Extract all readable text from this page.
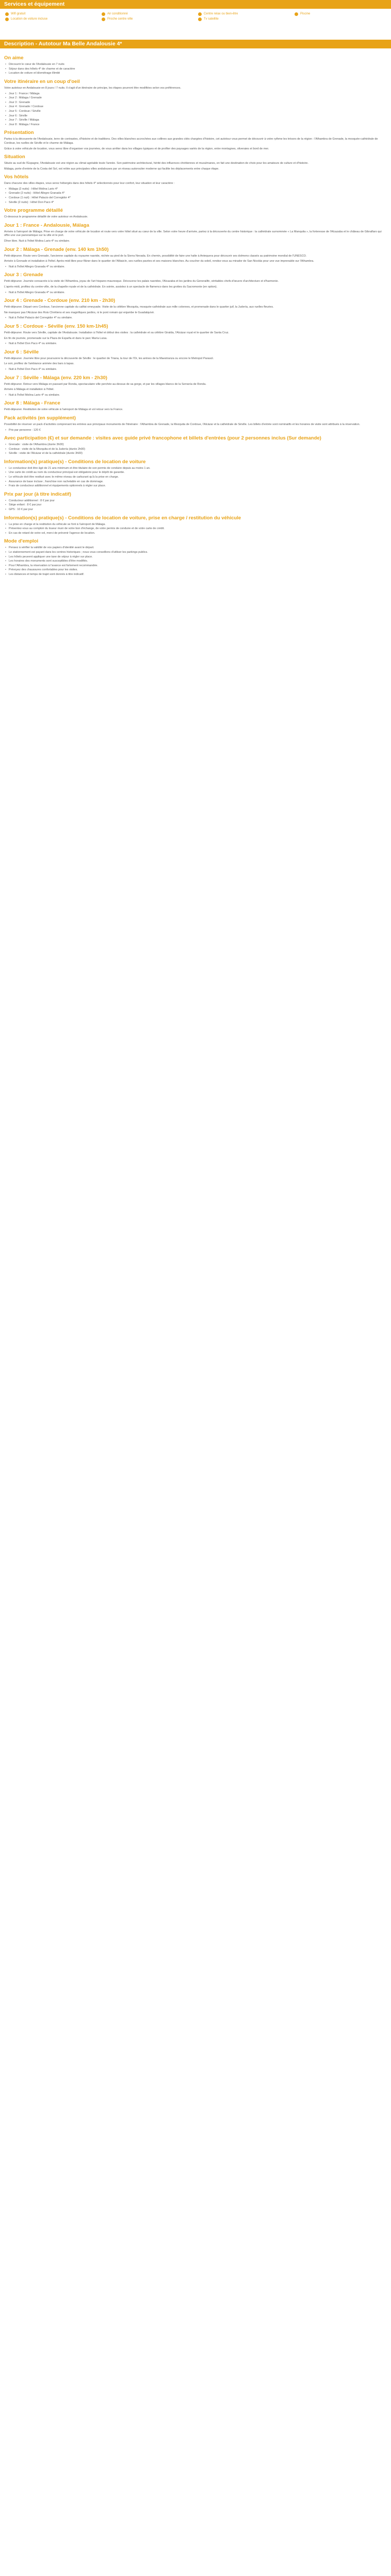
Services et équipement
Wifi gratuit	Air conditionné	Centre relax ou bien-être	Piscine
Location de voiture incluse	Proche centre ville	Tv satellite
Description - Autotour Ma Belle Andalousie 4*
On aime
• Découvrir le cœur de l'Andalousie en 7 nuits
• Séjour dans des hôtels 4* de charme et de caractère
• Location de voiture et kilométrage illimité
Votre itinéraire en un coup d'oeil

Votre autotour en Andalousie en 8 jours / 7 nuits. Il s'agit d'un itinéraire de principe, les étapes pourront être modifiées selon vos préférences.

• Jour 1 : France / Málaga
• Jour 2 : Málaga / Grenade
• Jour 3 : Grenade
• Jour 4 : Grenade / Cordoue
• Jour 5 : Cordoue / Séville
• Jour 6 : Séville
• Jour 7 : Séville / Málaga
• Jour 8 : Málaga / France
Présentation

Partez à la découverte de l'Andalousie, terre de contrastes, d'histoire et de traditions. Des villes blanches accrochées aux collines aux grandes cités chargées d'histoire, cet autotour vous permet de découvrir à votre rythme les trésors de la région : l'Alhambra de Grenade, la mosquée-cathédrale de Cordoue, les ruelles de Séville et le charme de Málaga.

Grâce à votre véhicule de location, vous serez libre d'organiser vos journées, de vous arrêter dans les villages typiques et de profiter des paysages variés de la région, entre montagnes, oliveraies et bord de mer.

Situation

Située au sud de l'Espagne, l'Andalousie est une région au climat agréable toute l'année. Son patrimoine architectural, hérité des influences chrétiennes et musulmanes, en fait une destination de choix pour les amateurs de culture et d'histoire.

Málaga, porte d'entrée de la Costa del Sol, est reliée aux principales villes andalouses par un réseau autoroutier moderne qui facilite les déplacements entre chaque étape.

Vos hôtels

Dans chacune des villes étapes, vous serez hébergés dans des hôtels 4* sélectionnés pour leur confort, leur situation et leur caractère :

• Málaga (2 nuits) : Hôtel Molina Lario 4*
• Grenade (2 nuits) : Hôtel Allegro Granada 4*
• Cordoue (1 nuit) : Hôtel Palacio del Corregidor 4*
• Séville (2 nuits) : Hôtel Don Paco 4*
Votre programme détaillé

Ci-dessous le programme détaillé de votre autotour en Andalousie.

Jour 1 : France - Andalousie, Málaga

Arrivée à l'aéroport de Málaga. Prise en charge de votre véhicule de location et route vers votre hôtel situé au cœur de la ville. Selon votre heure d'arrivée, partez à la découverte du centre historique : la cathédrale surnommée « La Manquita », la forteresse de l'Alcazaba et le château de Gibralfaro qui offre une vue panoramique sur la ville et le port.

Dîner libre. Nuit à l'hôtel Molina Lario 4* ou similaire.

Jour 2 : Málaga - Grenade (env. 140 km 1h50)

Petit-déjeuner. Route vers Grenade, l'ancienne capitale du royaume nasride, nichée au pied de la Sierra Nevada. En chemin, possibilité de faire une halte à Antequera pour découvrir ses dolmens classés au patrimoine mondial de l'UNESCO.

Arrivée à Grenade et installation à l'hôtel. Après-midi libre pour flâner dans le quartier de l'Albaicín, ses ruelles pavées et ses maisons blanches. Au coucher du soleil, rendez-vous au mirador de San Nicolás pour une vue imprenable sur l'Alhambra.

• Nuit à l'hôtel Allegro Granada 4* ou similaire.
Jour 3 : Grenade

Petit-déjeuner. Journée consacrée à la visite de l'Alhambra, joyau de l'art hispano-mauresque. Découvrez les palais nasrides, l'Alcazaba et les jardins du Generalife, véritables chefs-d'œuvre d'architecture et d'harmonie.

L'après-midi, profitez du centre-ville, de la chapelle royale et de la cathédrale. En soirée, assistez à un spectacle de flamenco dans les grottes du Sacromonte (en option).

• Nuit à l'hôtel Allegro Granada 4* ou similaire.
Jour 4 : Grenade - Cordoue (env. 210 km - 2h30)

Petit-déjeuner. Départ vers Cordoue, l'ancienne capitale du califat omeyyade. Visite de la célèbre Mezquita, mosquée-cathédrale aux mille colonnes, et promenade dans le quartier juif, la Judería, aux ruelles fleuries.

Ne manquez pas l'Alcázar des Rois Chrétiens et ses magnifiques jardins, ni le pont romain qui enjambe le Guadalquivir.

• Nuit à l'hôtel Palacio del Corregidor 4* ou similaire.
Jour 5 : Cordoue - Séville (env. 150 km-1h45)

Petit-déjeuner. Route vers Séville, capitale de l'Andalousie. Installation à l'hôtel et début des visites : la cathédrale et sa célèbre Giralda, l'Alcázar royal et le quartier de Santa Cruz.

En fin de journée, promenade sur la Plaza de España et dans le parc María Luisa.

• Nuit à l'hôtel Don Paco 4* ou similaire.
Jour 6 : Séville

Petit-déjeuner. Journée libre pour poursuivre la découverte de Séville : le quartier de Triana, la tour de l'Or, les arènes de la Maestranza ou encore le Metropol Parasol.

Le soir, profitez de l'ambiance animée des bars à tapas.

• Nuit à l'hôtel Don Paco 4* ou similaire.
Jour 7 : Séville - Málaga (env. 220 km - 2h30)

Petit-déjeuner. Retour vers Málaga en passant par Ronda, spectaculaire ville perchée au-dessus de sa gorge, et par les villages blancs de la Serranía de Ronda.

Arrivée à Málaga et installation à l'hôtel.

• Nuit à l'hôtel Molina Lario 4* ou similaire.
Jour 8 : Málaga - France

Petit-déjeuner. Restitution de votre véhicule à l'aéroport de Málaga et vol retour vers la France.

Pack activités (en supplément)

Possibilité de réserver un pack d'activités comprenant les entrées aux principaux monuments de l'itinéraire : l'Alhambra de Grenade, la Mezquita de Cordoue, l'Alcázar et la cathédrale de Séville. Les billets d'entrée sont nominatifs et les horaires de visite sont attribués à la réservation.

• Prix par personne : 120 €
Avec participation (€) et sur demande : visites avec guide privé francophone et billets d'entrées (pour 2 personnes inclus (Sur demande)
• Grenade : visite de l'Alhambra (durée 3h00)
• Cordoue : visite de la Mezquita et de la Judería (durée 2h00)
• Séville : visite de l'Alcázar et de la cathédrale (durée 3h00)
Information(s) pratique(s) - Conditions de location de voiture
• Le conducteur doit être âgé de 21 ans minimum et être titulaire de son permis de conduire depuis au moins 1 an.
• Une carte de crédit au nom du conducteur principal est obligatoire pour le dépôt de garantie.
• Le véhicule doit être restitué avec le même niveau de carburant qu'à la prise en charge.
• Assurance de base incluse ; franchise non rachetable en cas de dommage.
• Frais de conducteur additionnel et équipements optionnels à régler sur place.
Prix par jour (à titre indicatif)
• Conducteur additionnel : 8 € par jour
• Siège enfant : 8 € par jour
• GPS : 10 € par jour
Information(s) pratique(s) - Conditions de location de voiture, prise en charge / restitution du véhicule
• La prise en charge et la restitution du véhicule se font à l'aéroport de Málaga.
• Présentez-vous au comptoir du loueur muni de votre bon d'échange, de votre permis de conduire et de votre carte de crédit.
• En cas de retard de votre vol, merci de prévenir l'agence de location.
Mode d'emploi
• Pensez à vérifier la validité de vos papiers d'identité avant le départ.
• Le stationnement est payant dans les centres historiques ; nous vous conseillons d'utiliser les parkings publics.
• Les hôtels peuvent appliquer une taxe de séjour à régler sur place.
• Les horaires des monuments sont susceptibles d'être modifiés.
• Pour l'Alhambra, la réservation à l'avance est fortement recommandée.
• Prévoyez des chaussures confortables pour les visites.
• Les distances et temps de trajet sont donnés à titre indicatif.
